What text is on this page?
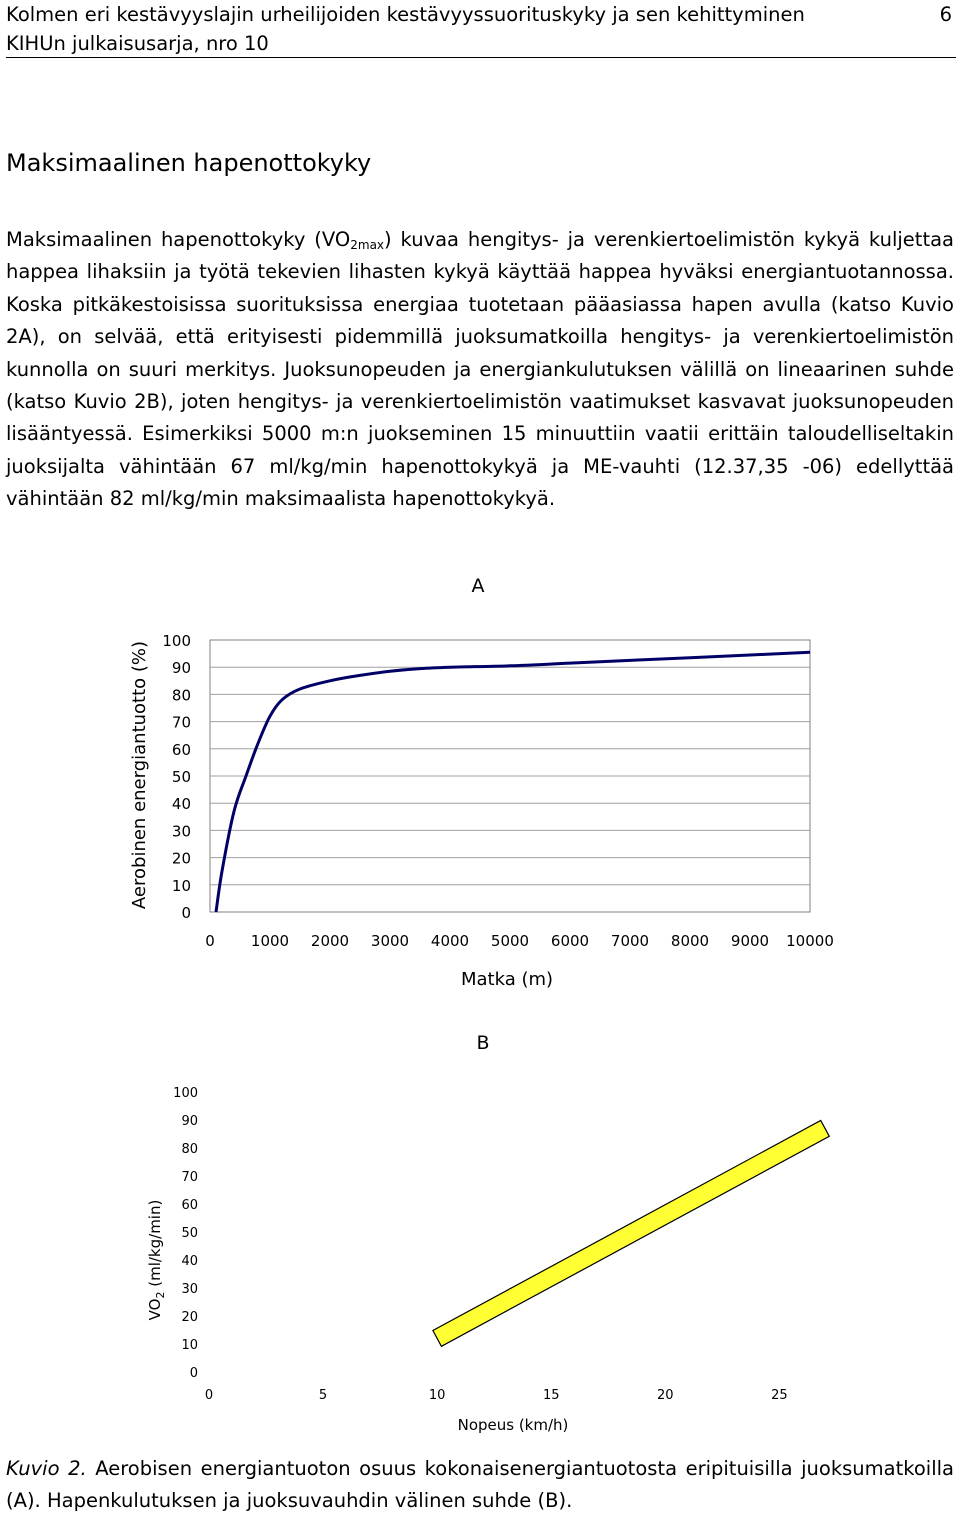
Kolmen eri kestävyyslajin urheilijoiden kestävyyssuorituskyky ja sen kehittyminen
KIHUn julkaisusarja, nro 10
6
Maksimaalinen hapenottokyky

Maksimaalinen hapenottokyky $(VO_{2max})$ kuvaa hengitys- ja verenkiertoelimistön kykyä kuljettaa happea lihaksiin ja työtä tekevien lihasten kykyä käyttää happea hyväksi energiantuotannossa. Koska pitkäkestoisissa suorituksissa energiaa tuotetaan pääasiassa hapen avulla (katso Kuvio 2A), on selvää, että erityisesti pidemmillä juoksumatkoilla hengitys- ja verenkiertoelimistön kunnolla on suuri merkitys. Juoksunopeuden ja energiankulutuksen välillä on lineaarinen suhde (katso Kuvio 2B), joten hengitys- ja verenkiertoelimistön vaatimukset kasvavat juoksunopeuden lisääntyessä. Esimerkiksi 5000 m:n juokseminen 15 minuuttiin vaatii erittäin taloudelliseltakin juoksijalta vähintään 67 ml/kg/min hapenottokykyä ja ME-vauhti (12.37,35 -06) edellyttää vähintään 82 ml/kg/min maksimaalista hapenottokykyä.

A
0
10
20
30
40
50
60
70
80
90
100
0 1000 2000 3000 4000 5000 6000 7000 8000 9000 10000
Aerobinen energiantuotto (%)
Matka (m)
B
0
10
20
30
40
50
60
70
80
90
100
0	5	10	15	20	25
$VO_2$ (ml/kg/min)
Nopeus (km/h)

Kuvio 2. Aerobisen energiantuoton osuus kokonaisenergiantuotosta eripituisilla juoksumatkoilla (A). Hapenkulutuksen ja juoksuvauhdin välinen suhde (B).
